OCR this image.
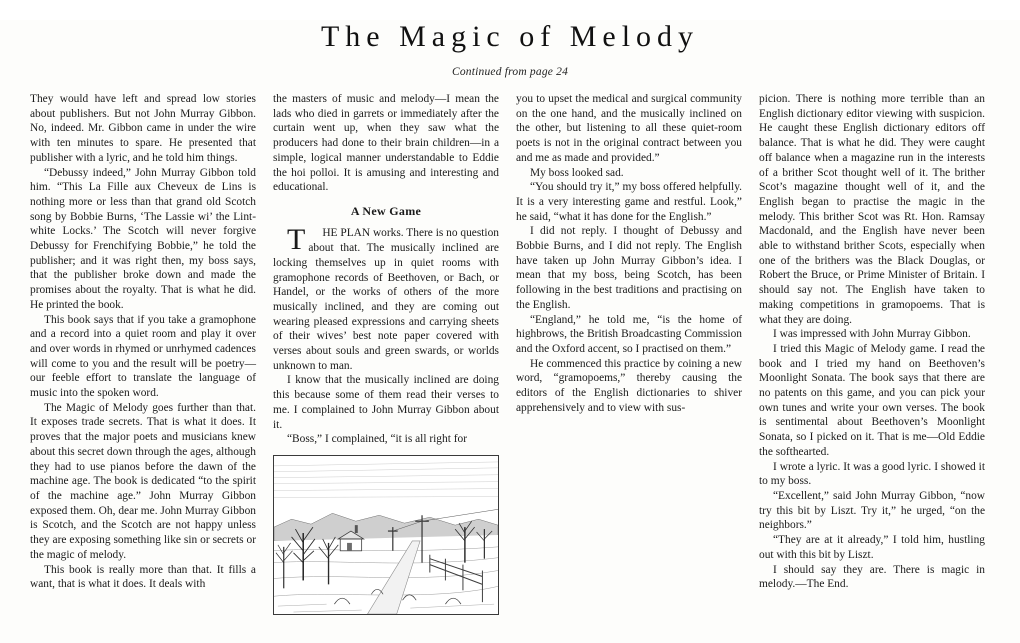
The Magic of Melody
Continued from page 24

They would have left and spread low stories about publishers. But not John Murray Gibbon. No, indeed. Mr. Gibbon came in under the wire with ten minutes to spare. He presented that publisher with a lyric, and he told him things.

“Debussy indeed,” John Murray Gibbon told him. “This La Fille aux Cheveux de Lins is nothing more or less than that grand old Scotch song by Bobbie Burns, ‘The Lassie wi’ the Lint-white Locks.’ The Scotch will never forgive Debussy for Frenchifying Bobbie,” he told the publisher; and it was right then, my boss says, that the publisher broke down and made the promises about the royalty. That is what he did. He printed the book.

This book says that if you take a gramophone and a record into a quiet room and play it over and over words in rhymed or unrhymed cadences will come to you and the result will be poetry—our feeble effort to translate the language of music into the spoken word.

The Magic of Melody goes further than that. It exposes trade secrets. That is what it does. It proves that the major poets and musicians knew about this secret down through the ages, although they had to use pianos before the dawn of the machine age. The book is dedicated “to the spirit of the machine age.” John Murray Gibbon exposed them. Oh, dear me. John Murray Gibbon is Scotch, and the Scotch are not happy unless they are exposing something like sin or secrets or the magic of melody.

This book is really more than that. It fills a want, that is what it does. It deals with

the masters of music and melody—I mean the lads who died in garrets or immediately after the curtain went up, when they saw what the producers had done to their brain children—in a simple, logical manner understandable to Eddie the hoi polloi. It is amusing and interesting and educational.

A New Game

T HE PLAN works. There is no question about that. The musically inclined are locking themselves up in quiet rooms with gramophone records of Beethoven, or Bach, or Handel, or the works of others of the more musically inclined, and they are coming out wearing pleased expressions and carrying sheets of their wives’ best note paper covered with verses about souls and green swards, or worlds unknown to man.

I know that the musically inclined are doing this because some of them read their verses to me. I complained to John Murray Gibbon about it.

“Boss,” I complained, “it is all right for

you to upset the medical and surgical community on the one hand, and the musically inclined on the other, but listening to all these quiet-room poets is not in the original contract between you and me as made and provided.”

My boss looked sad.

“You should try it,” my boss offered helpfully. It is a very interesting game and restful. Look,” he said, “what it has done for the English.”

I did not reply. I thought of Debussy and Bobbie Burns, and I did not reply. The English have taken up John Murray Gibbon’s idea. I mean that my boss, being Scotch, has been following in the best traditions and practising on the English.

“England,” he told me, “is the home of highbrows, the British Broadcasting Commission and the Oxford accent, so I practised on them.”

He commenced this practice by coining a new word, “gramopoems,” thereby causing the editors of the English dictionaries to shiver apprehensively and to view with sus-

picion. There is nothing more terrible than an English dictionary editor viewing with suspicion. He caught these English dictionary editors off balance. That is what he did. They were caught off balance when a magazine run in the interests of a brither Scot thought well of it. The brither Scot’s magazine thought well of it, and the English began to practise the magic in the melody. This brither Scot was Rt. Hon. Ramsay Macdonald, and the English have never been able to withstand brither Scots, especially when one of the brithers was the Black Douglas, or Robert the Bruce, or Prime Minister of Britain. I should say not. The English have taken to making competitions in gramopoems. That is what they are doing.

I was impressed with John Murray Gibbon.

I tried this Magic of Melody game. I read the book and I tried my hand on Beethoven’s Moonlight Sonata. The book says that there are no patents on this game, and you can pick your own tunes and write your own verses. The book is sentimental about Beethoven’s Moonlight Sonata, so I picked on it. That is me—Old Eddie the softhearted.

I wrote a lyric. It was a good lyric. I showed it to my boss.

“Excellent,” said John Murray Gibbon, “now try this bit by Liszt. Try it,” he urged, “on the neighbors.”

“They are at it already,” I told him, hustling out with this bit by Liszt.

I should say they are. There is magic in melody.—The End.
